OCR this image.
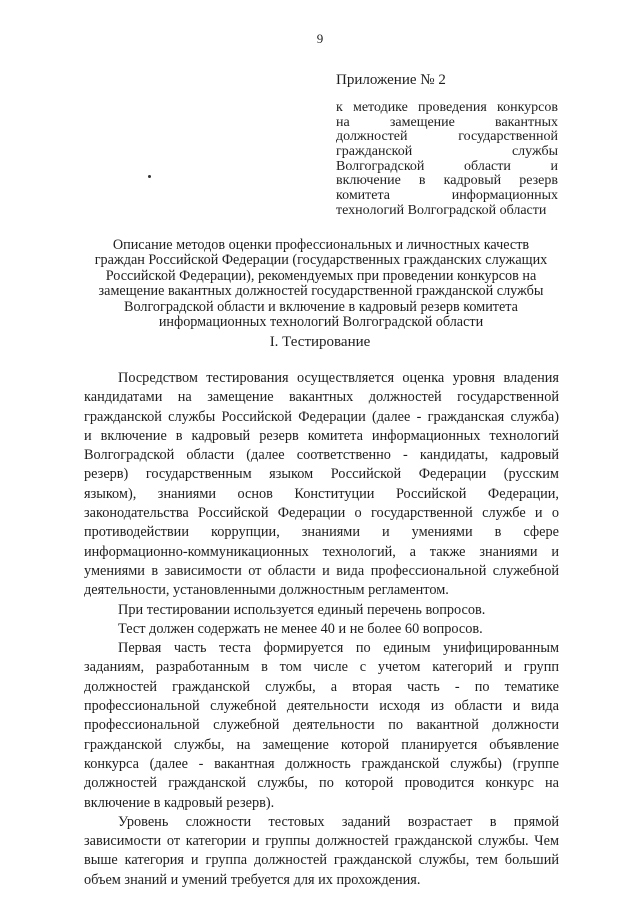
9
Приложение № 2
к методике проведения конкурсов
на замещение вакантных
должностей государственной
гражданской службы
Волгоградской области и
включение в кадровый резерв
комитета информационных
технологий Волгоградской области
Описание методов оценки профессиональных и личностных качеств
граждан Российской Федерации (государственных гражданских служащих
Российской Федерации), рекомендуемых при проведении конкурсов на
замещение вакантных должностей государственной гражданской службы
Волгоградской области и включение в кадровый резерв комитета
информационных технологий Волгоградской области
I. Тестирование
Посредством тестирования осуществляется оценка уровня владения
кандидатами на замещение вакантных должностей государственной
гражданской службы Российской Федерации (далее - гражданская служба)
и включение в кадровый резерв комитета информационных технологий
Волгоградской области (далее соответственно - кандидаты, кадровый
резерв) государственным языком Российской Федерации (русским
языком), знаниями основ Конституции Российской Федерации,
законодательства Российской Федерации о государственной службе и о
противодействии коррупции, знаниями и умениями в сфере
информационно-коммуникационных технологий, а также знаниями и
умениями в зависимости от области и вида профессиональной служебной
деятельности, установленными должностным регламентом.
При тестировании используется единый перечень вопросов.
Тест должен содержать не менее 40 и не более 60 вопросов.
Первая часть теста формируется по единым унифицированным
заданиям, разработанным в том числе с учетом категорий и групп
должностей гражданской службы, а вторая часть - по тематике
профессиональной служебной деятельности исходя из области и вида
профессиональной служебной деятельности по вакантной должности
гражданской службы, на замещение которой планируется объявление
конкурса (далее - вакантная должность гражданской службы) (группе
должностей гражданской службы, по которой проводится конкурс на
включение в кадровый резерв).
Уровень сложности тестовых заданий возрастает в прямой
зависимости от категории и группы должностей гражданской службы. Чем
выше категория и группа должностей гражданской службы, тем больший
объем знаний и умений требуется для их прохождения.
